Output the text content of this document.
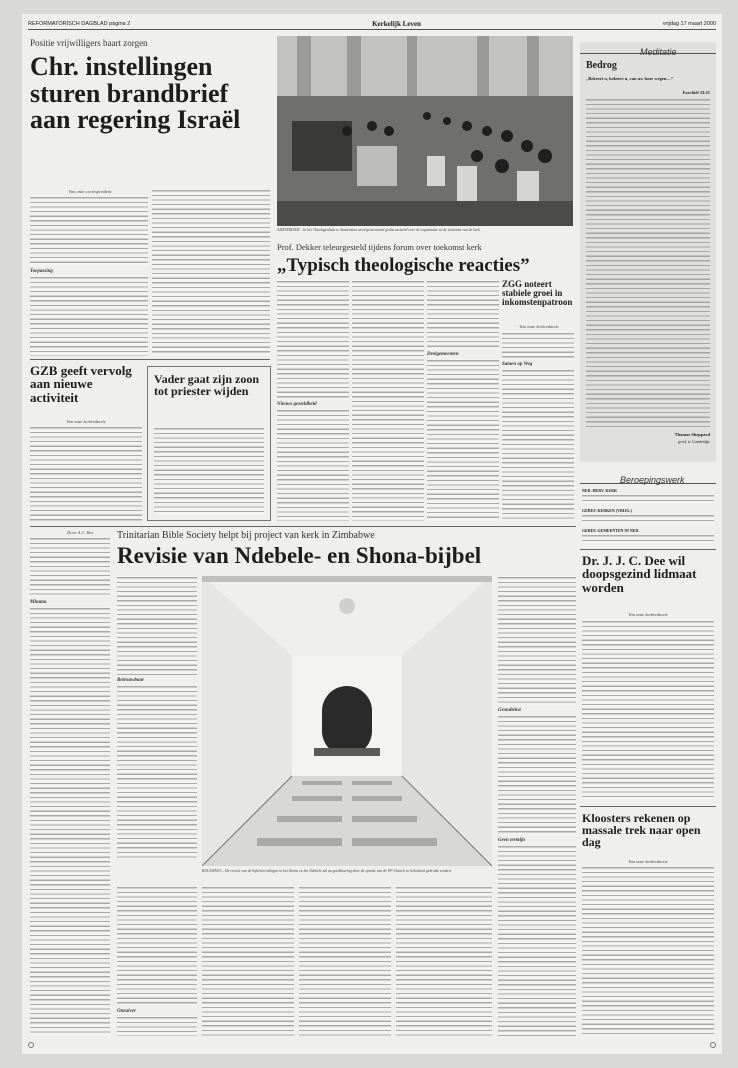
REFORMATORISCH DAGBLAD pagina 2	Kerkelijk Leven	vrijdag 17 maart 2000
Positie vrijwilligers baart zorgen
Chr. instellingen sturen brandbrief aan regering Israël
Van onze correspondent
Toepassing
AMSTERDAM – In het Theologenhuis te Amsterdam werd gisteravond gediscussieerd over de organisatie en de toekomst van de kerk.
Prof. Dekker teleurgesteld tijdens forum over toekomst kerk
„Typisch theologische reacties”
Nieuws gesteldheid
Deelgemeenten
Samen op Weg
GZB geeft vervolg aan nieuwe activiteit
Van onze kerkredactie
Vader gaat zijn zoon tot priester wijden
Meditatie
Bedrog
„Bekeert u, bekeert u, van uw boze wegen…”
Ezechiël 33:11
Thomas Sheppard
geref. te Cambridge
Beroepingswerk
NED. HERV. KERK
GEREF. KERKEN (VRIJG.)
GEREF. GEMEENTEN IN NED.
Dr. J. J. C. Dee wil doopsgezind lidmaat worden
Van onze kerkredactie
Kloosters rekenen op massale trek naar open dag
Van onze kerkredactie
Door A.C. Bot	Trinitarian Bible Society helpt bij project van kerk in Zimbabwe
Revisie van Ndebele- en Shona-bijbel
Mhuma
Betrouwbaar
BULAWAYO – De revisie van de bijbelvertalingen in het Shona en het Ndebele zal na goedkeuring door de synode van de FP-Church in Schotland gebruikt worden.
Onzuiver
Grondtekst
Geen termijn
ZGG noteert stabiele groei in inkomstenpatroon
Van onze kerkredactie
